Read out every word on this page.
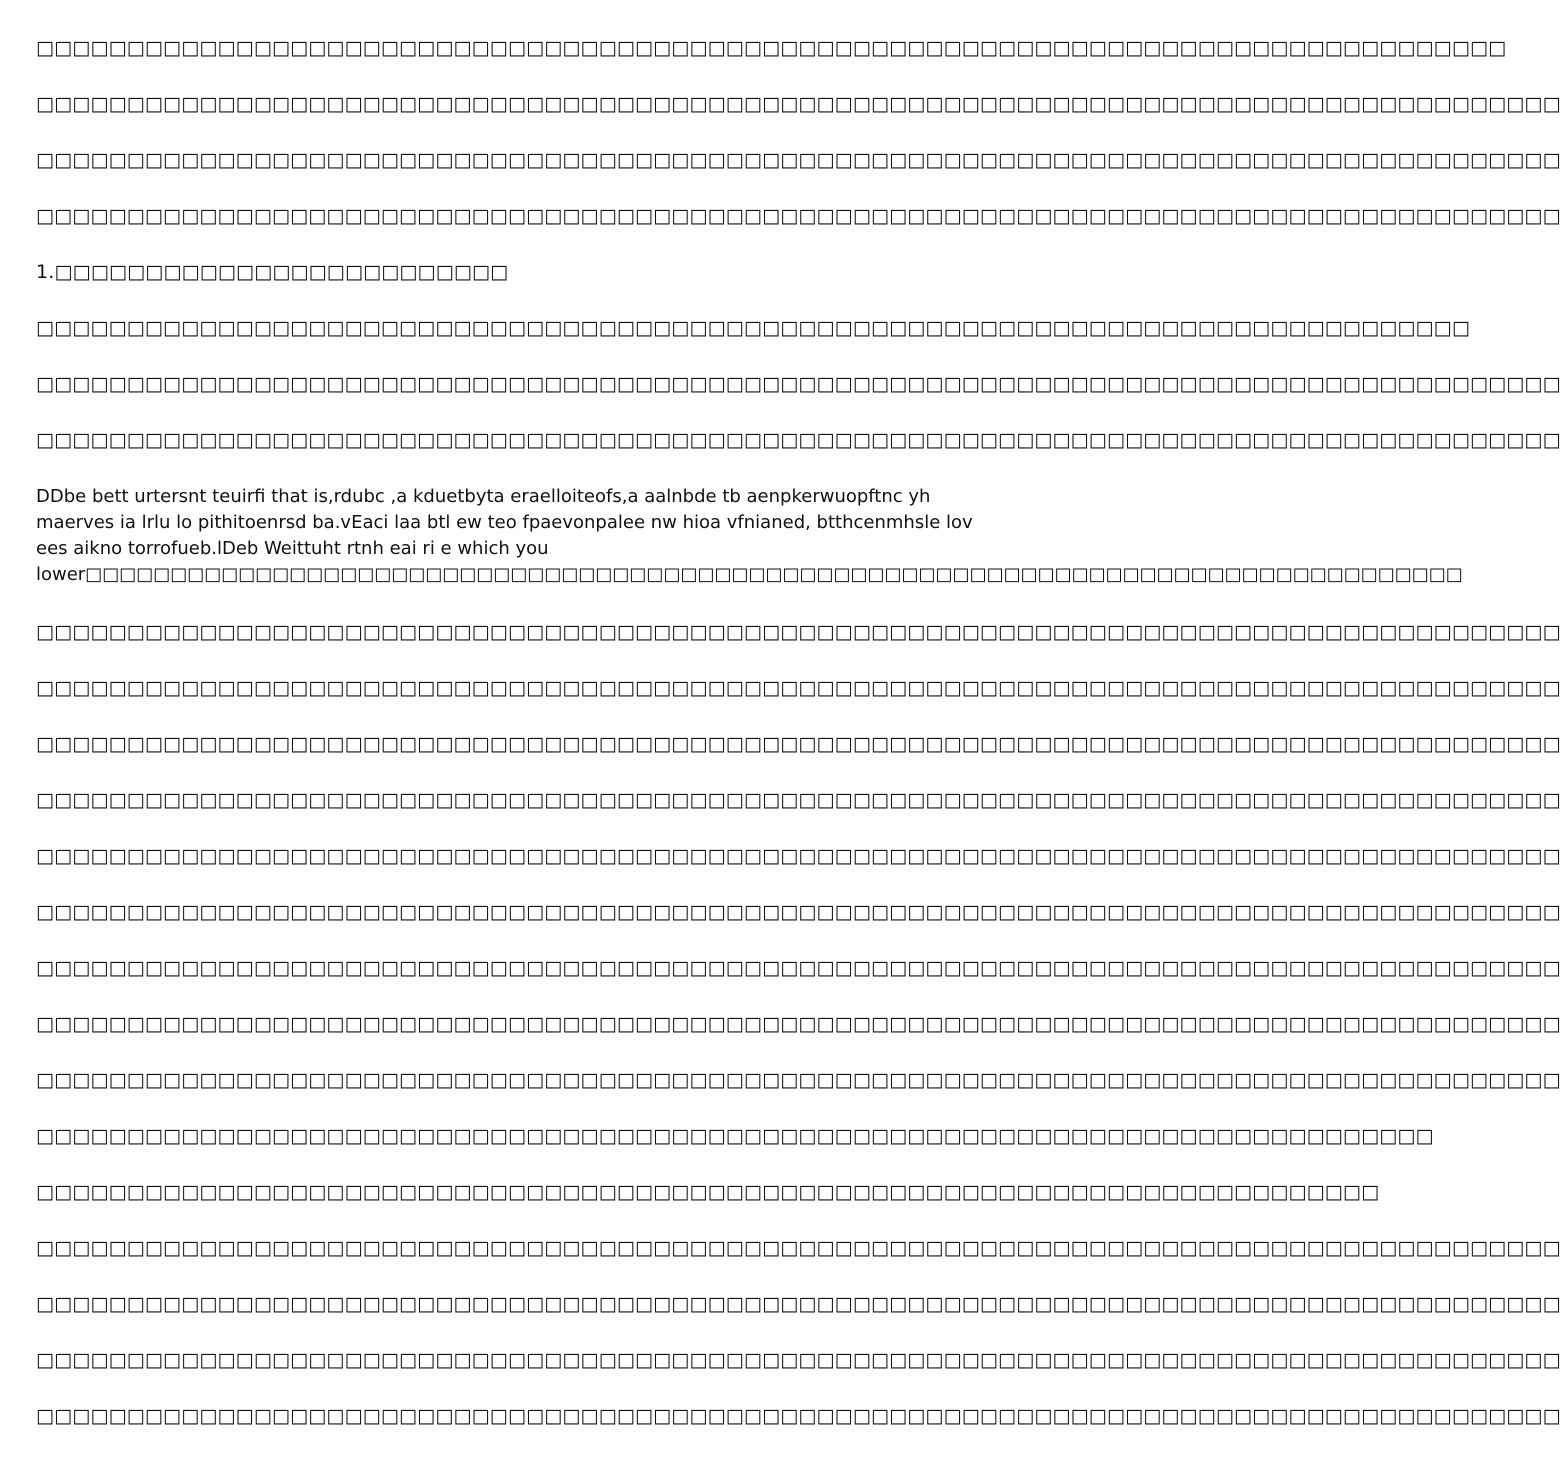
□□□□□□□□□□□□□□□□□□□□□□□□□□□□□□□□□□□□□□□□□□□□□□□□□□□□□□□□□□□□□□□□□□□□□□□□□□□□□□□□□

□□□□□□□□□□□□□□□□□□□□□□□□□□□□□□□□□□□□□□□□□□□□□□□□□□□□□□□□□□□□□□□□□□□□□□□□□□□□□□□□□□□□

□□□□□□□□□□□□□□□□□□□□□□□□□□□□□□□□□□□□□□□□□□□□□□□□□□□□□□□□□□□□□□□□□□□□□□□□□□□□□□□□□□□□

□□□□□□□□□□□□□□□□□□□□□□□□□□□□□□□□□□□□□□□□□□□□□□□□□□□□□□□□□□□□□□□□□□□□□□□□□□□□□□□□□□□□

1.□□□□□□□□□□□□□□□□□□□□□□□□□

□□□□□□□□□□□□□□□□□□□□□□□□□□□□□□□□□□□□□□□□□□□□□□□□□□□□□□□□□□□□□□□□□□□□□□□□□□□□□□□

□□□□□□□□□□□□□□□□□□□□□□□□□□□□□□□□□□□□□□□□□□□□□□□□□□□□□□□□□□□□□□□□□□□□□□□□□□□□□□□□□□□□

□□□□□□□□□□□□□□□□□□□□□□□□□□□□□□□□□□□□□□□□□□□□□□□□□□□□□□□□□□□□□□□□□□□□□□□□□□□□□□□□□□□□

DDbe bett urtersnt teuirfi that is,rdubc ,a kduetbyta eraelloiteofs,a aalnbde tb aenpkerwuopftnc yh maerves ia lrlu lo pithitoenrsd ba.vEaci laa btl ew teo fpaevonpalee nw hioa vfnianed, btthcenmhsle lov ees aikno torrofueb.lDeb Weittuht rtnh eai ri e which you
lower□□□□□□□□□□□□□□□□□□□□□□□□□□□□□□□□□□□□□□□□□□□□□□□□□□□□□□□□□□□□□□□□□□□□□□□□□□□□□□□□□

□□□□□□□□□□□□□□□□□□□□□□□□□□□□□□□□□□□□□□□□□□□□□□□□□□□□□□□□□□□□□□□□□□□□□□□□□□□□□□□□□□□□

□□□□□□□□□□□□□□□□□□□□□□□□□□□□□□□□□□□□□□□□□□□□□□□□□□□□□□□□□□□□□□□□□□□□□□□□□□□□□□□□□□□□

□□□□□□□□□□□□□□□□□□□□□□□□□□□□□□□□□□□□□□□□□□□□□□□□□□□□□□□□□□□□□□□□□□□□□□□□□□□□□□□□□□□□

□□□□□□□□□□□□□□□□□□□□□□□□□□□□□□□□□□□□□□□□□□□□□□□□□□□□□□□□□□□□□□□□□□□□□□□□□□□□□□□□□□□□

□□□□□□□□□□□□□□□□□□□□□□□□□□□□□□□□□□□□□□□□□□□□□□□□□□□□□□□□□□□□□□□□□□□□□□□□□□□□□□□□□□□□

□□□□□□□□□□□□□□□□□□□□□□□□□□□□□□□□□□□□□□□□□□□□□□□□□□□□□□□□□□□□□□□□□□□□□□□□□□□□□□□□□□□□

□□□□□□□□□□□□□□□□□□□□□□□□□□□□□□□□□□□□□□□□□□□□□□□□□□□□□□□□□□□□□□□□□□□□□□□□□□□□□□□□□□□□

□□□□□□□□□□□□□□□□□□□□□□□□□□□□□□□□□□□□□□□□□□□□□□□□□□□□□□□□□□□□□□□□□□□□□□□□□□□□□□□□□□□□

□□□□□□□□□□□□□□□□□□□□□□□□□□□□□□□□□□□□□□□□□□□□□□□□□□□□□□□□□□□□□□□□□□□□□□□□□□□□□□□□□□□□

□□□□□□□□□□□□□□□□□□□□□□□□□□□□□□□□□□□□□□□□□□□□□□□□□□□□□□□□□□□□□□□□□□□□□□□□□□□□□

□□□□□□□□□□□□□□□□□□□□□□□□□□□□□□□□□□□□□□□□□□□□□□□□□□□□□□□□□□□□□□□□□□□□□□□□□□

□□□□□□□□□□□□□□□□□□□□□□□□□□□□□□□□□□□□□□□□□□□□□□□□□□□□□□□□□□□□□□□□□□□□□□□□□□□□□□□□□□□□

□□□□□□□□□□□□□□□□□□□□□□□□□□□□□□□□□□□□□□□□□□□□□□□□□□□□□□□□□□□□□□□□□□□□□□□□□□□□□□□□□□□□

□□□□□□□□□□□□□□□□□□□□□□□□□□□□□□□□□□□□□□□□□□□□□□□□□□□□□□□□□□□□□□□□□□□□□□□□□□□□□□□□□□□□

□□□□□□□□□□□□□□□□□□□□□□□□□□□□□□□□□□□□□□□□□□□□□□□□□□□□□□□□□□□□□□□□□□□□□□□□□□□□□□□□□□□□
